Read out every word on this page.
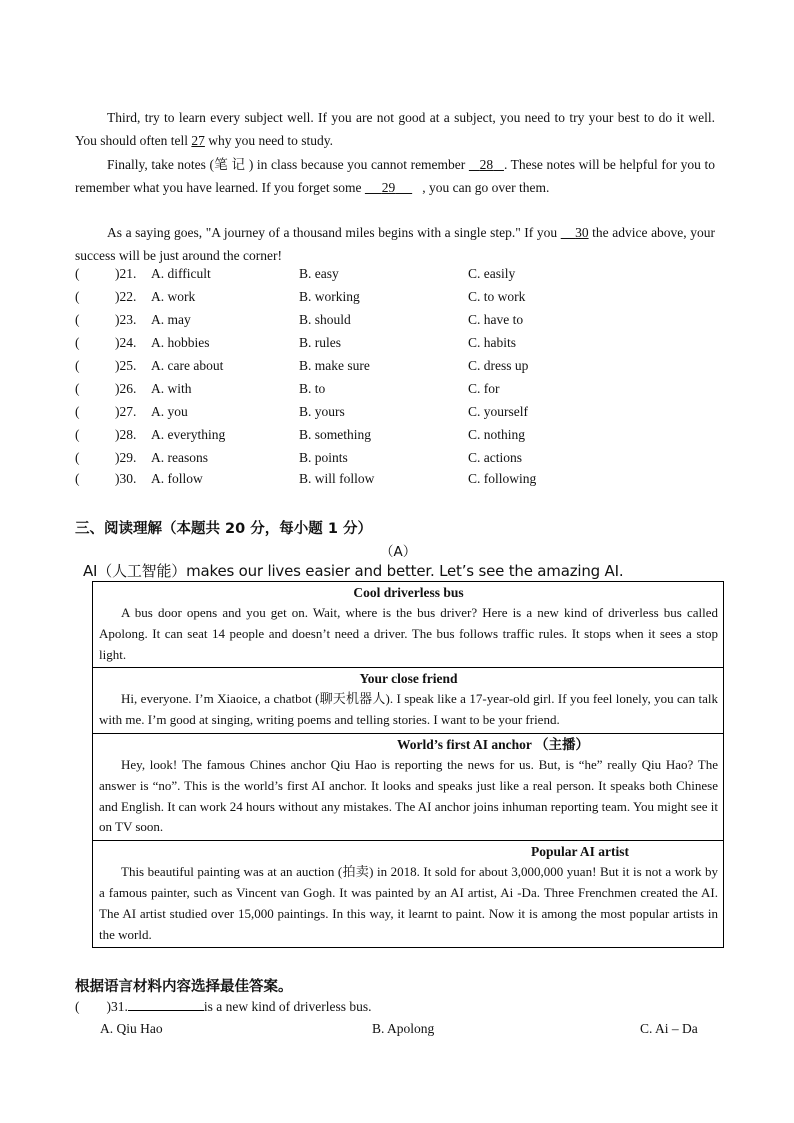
Third, try to learn every subject well. If you are not good at a subject, you need to try your best to do it well. You should often tell 27 why you need to study.

Finally, take notes (笔 记 ) in class because you cannot remember 28 . These notes will be helpful for you to remember what you have learned. If you forget some 29 , you can go over them.

As a saying goes, "A journey of a thousand miles begins with a single step." If you 30 the advice above, your success will be just around the corner!

(	)21. A. difficult	B. easy	C. easily
(	)22. A. work	B. working	C. to work
(	)23. A. may	B. should	C. have to
(	)24. A. hobbies	B. rules	C. habits
(	)25. A. care about	B. make sure	C. dress up
(	)26. A. with	B. to	C. for
(	)27. A. you	B. yours	C. yourself
(	)28. A. everything	B. something	C. nothing
(	)29. A. reasons	B. points	C. actions
(	)30. A. follow	B. will follow	C. following
三、阅读理解（本题共 20 分，每小题 1 分）
（A）
AI（人工智能）makes our lives easier and better. Let’s see the amazing AI.
Cool driverless bus
A bus door opens and you get on. Wait, where is the bus driver? Here is a new kind of driverless bus called Apolong. It can seat 14 people and doesn’t need a driver. The bus follows traffic rules. It stops when it sees a stop light.
Your close friend
Hi, everyone. I’m Xiaoice, a chatbot (聊天机器人). I speak like a 17-year-old girl. If you feel lonely, you can talk with me. I’m good at singing, writing poems and telling stories. I want to be your friend.
World’s first AI anchor （主播）
Hey, look! The famous Chines anchor Qiu Hao is reporting the news for us. But, is “he” really Qiu Hao? The answer is “no”. This is the world’s first AI anchor. It looks and speaks just like a real person. It speaks both Chinese and English. It can work 24 hours without any mistakes. The AI anchor joins inhuman reporting team. You might see it on TV soon.
Popular AI artist
This beautiful painting was at an auction (拍卖) in 2018. It sold for about 3,000,000 yuan! But it is not a work by a famous painter, such as Vincent van Gogh. It was painted by an AI artist, Ai -Da. Three Frenchmen created the AI. The AI artist studied over 15,000 paintings. In this way, it learnt to paint. Now it is among the most popular artists in the world.
根据语言材料内容选择最佳答案。
(        )31.	is a new kind of driverless bus.
A. Qiu Hao	B. Apolong	C. Ai – Da
